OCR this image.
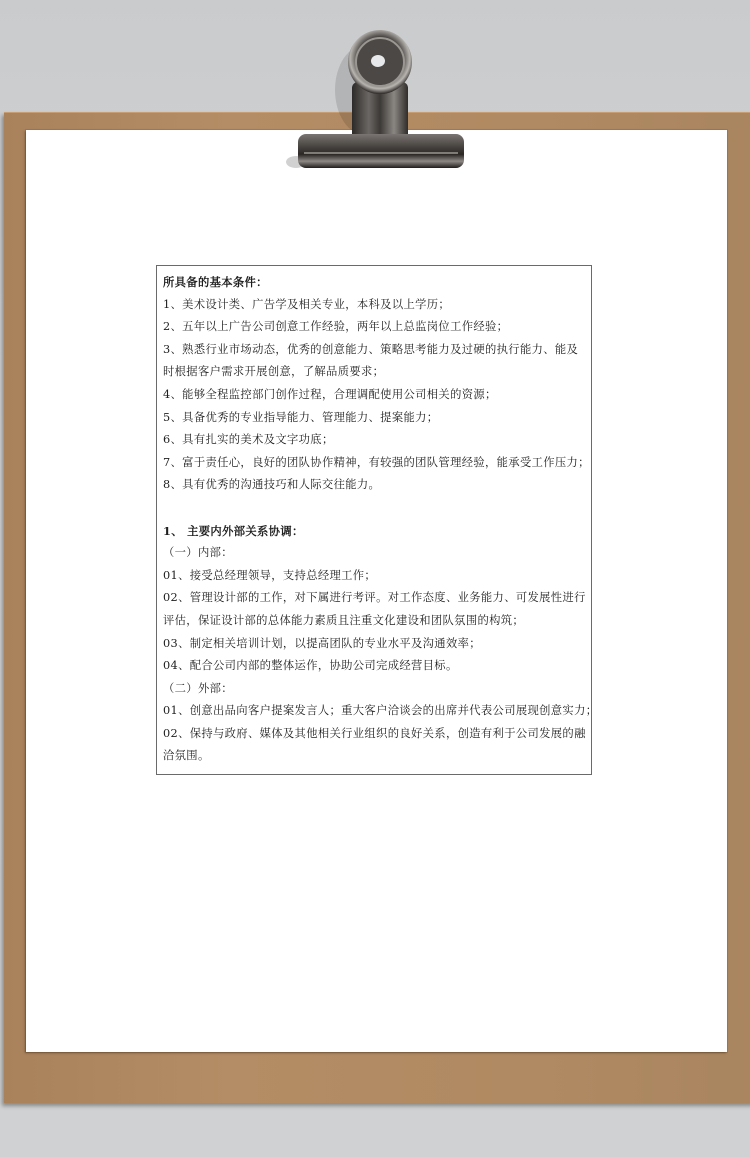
所具备的基本条件：

1、美术设计类、广告学及相关专业，本科及以上学历；

2、五年以上广告公司创意工作经验，两年以上总监岗位工作经验；

3、熟悉行业市场动态，优秀的创意能力、策略思考能力及过硬的执行能力、能及

时根据客户需求开展创意，了解品质要求；

4、能够全程监控部门创作过程，合理调配使用公司相关的资源；

5、具备优秀的专业指导能力、管理能力、提案能力；

6、具有扎实的美术及文字功底；

7、富于责任心，良好的团队协作精神，有较强的团队管理经验，能承受工作压力；

8、具有优秀的沟通技巧和人际交往能力。

1、 主要内外部关系协调：

（一）内部：

01、接受总经理领导，支持总经理工作；

02、管理设计部的工作，对下属进行考评。对工作态度、业务能力、可发展性进行

评估，保证设计部的总体能力素质且注重文化建设和团队氛围的构筑；

03、制定相关培训计划，以提高团队的专业水平及沟通效率；

04、配合公司内部的整体运作，协助公司完成经营目标。

（二）外部：

01、创意出品向客户提案发言人；重大客户洽谈会的出席并代表公司展现创意实力；

02、保持与政府、媒体及其他相关行业组织的良好关系，创造有利于公司发展的融

洽氛围。
